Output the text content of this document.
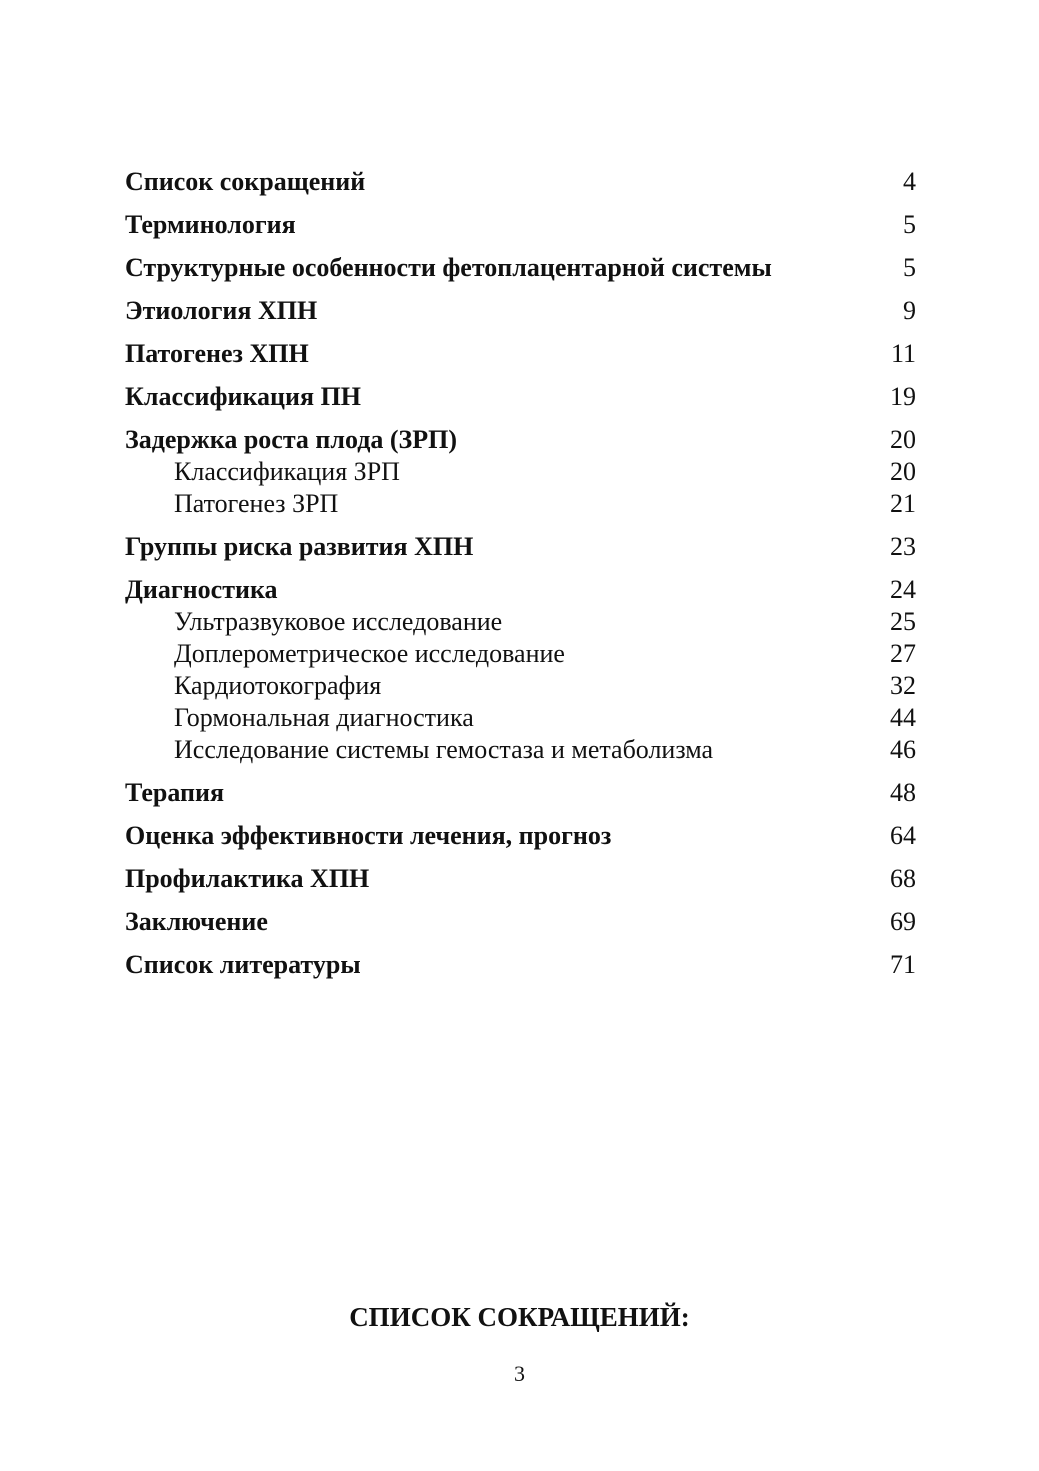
Список сокращений	4
Терминология	5
Структурные особенности фетоплацентарной системы	5
Этиология ХПН	9
Патогенез ХПН	11
Классификация ПН	19
Задержка роста плода (ЗРП)	20
Классификация ЗРП	20
Патогенез ЗРП	21
Группы риска развития ХПН	23
Диагностика	24
Ультразвуковое исследование	25
Доплерометрическое исследование	27
Кардиотокография	32
Гормональная диагностика	44
Исследование системы гемостаза и метаболизма	46
Терапия	48
Оценка эффективности лечения, прогноз	64
Профилактика ХПН	68
Заключение	69
Список литературы	71
СПИСОК СОКРАЩЕНИЙ:
3
